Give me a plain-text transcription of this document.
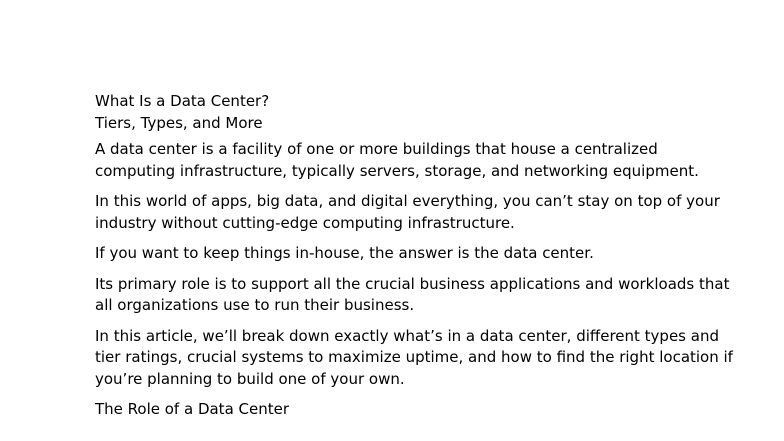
What Is a Data Center?
Tiers, Types, and More

A data center is a facility of one or more buildings that house a centralized computing infrastructure, typically servers, storage, and networking equipment.

In this world of apps, big data, and digital everything, you can’t stay on top of your industry without cutting-edge computing infrastructure.

If you want to keep things in-house, the answer is the data center.

Its primary role is to support all the crucial business applications and workloads that all organizations use to run their business.

In this article, we’ll break down exactly what’s in a data center, different types and tier ratings, crucial systems to maximize uptime, and how to find the right location if you’re planning to build one of your own.

The Role of a Data Center
